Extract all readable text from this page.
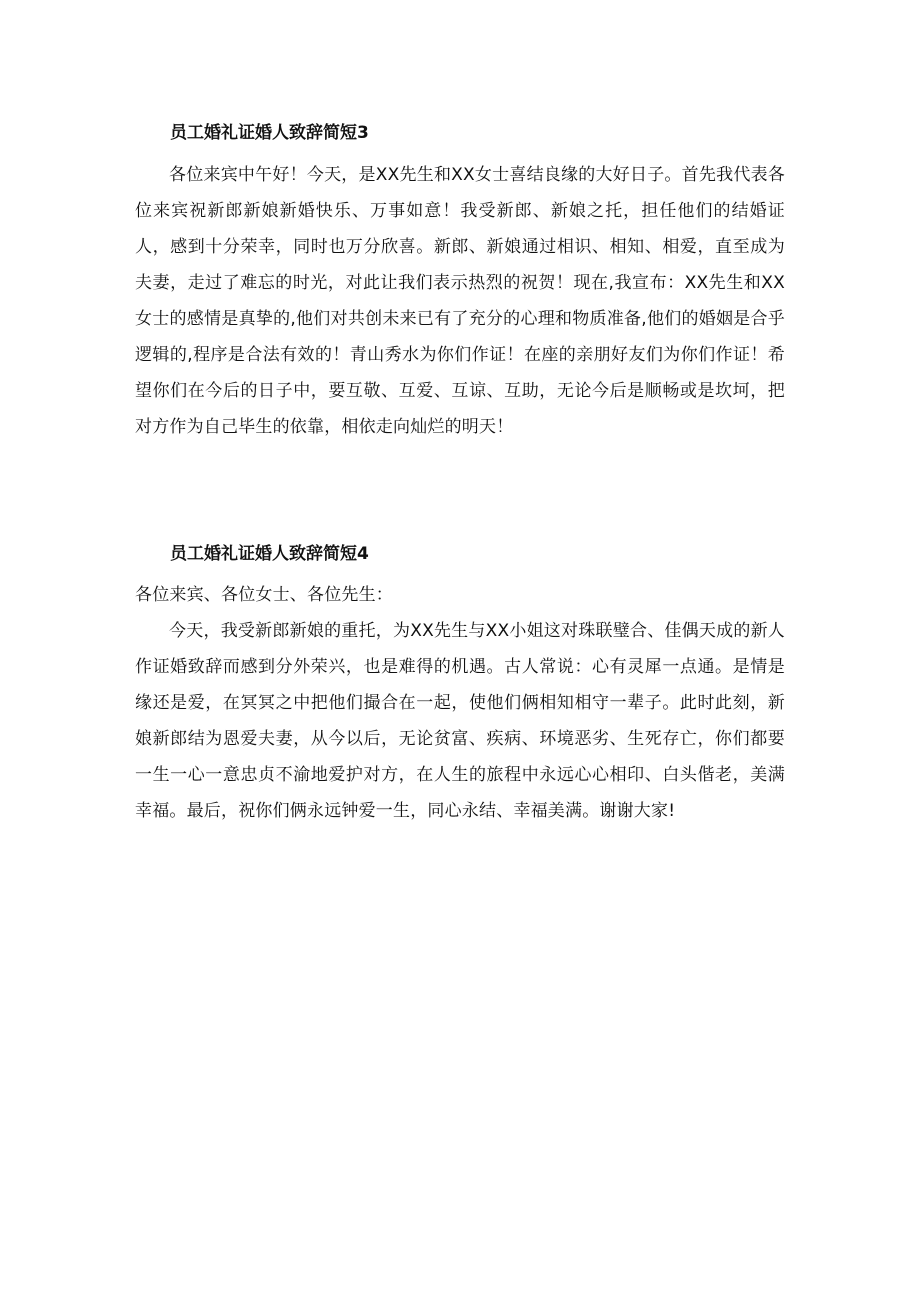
员工婚礼证婚人致辞简短3

各位来宾中午好！今天，是XX先生和XX女士喜结良缘的大好日子。首先我代表各位来宾祝新郎新娘新婚快乐、万事如意！我受新郎、新娘之托，担任他们的结婚证人，感到十分荣幸，同时也万分欣喜。新郎、新娘通过相识、相知、相爱，直至成为夫妻，走过了难忘的时光，对此让我们表示热烈的祝贺！现在,我宣布：XX先生和XX女士的感情是真挚的,他们对共创未来已有了充分的心理和物质准备,他们的婚姻是合乎逻辑的,程序是合法有效的！青山秀水为你们作证！在座的亲朋好友们为你们作证！希望你们在今后的日子中，要互敬、互爱、互谅、互助，无论今后是顺畅或是坎坷，把对方作为自己毕生的依靠，相依走向灿烂的明天！

员工婚礼证婚人致辞简短4

各位来宾、各位女士、各位先生：

今天，我受新郎新娘的重托，为XX先生与XX小姐这对珠联璧合、佳偶天成的新人作证婚致辞而感到分外荣兴，也是难得的机遇。古人常说：心有灵犀一点通。是情是缘还是爱，在冥冥之中把他们撮合在一起，使他们俩相知相守一辈子。此时此刻，新娘新郎结为恩爱夫妻，从今以后，无论贫富、疾病、环境恶劣、生死存亡，你们都要一生一心一意忠贞不渝地爱护对方，在人生的旅程中永远心心相印、白头偕老，美满幸福。最后，祝你们俩永远钟爱一生，同心永结、幸福美满。谢谢大家!
